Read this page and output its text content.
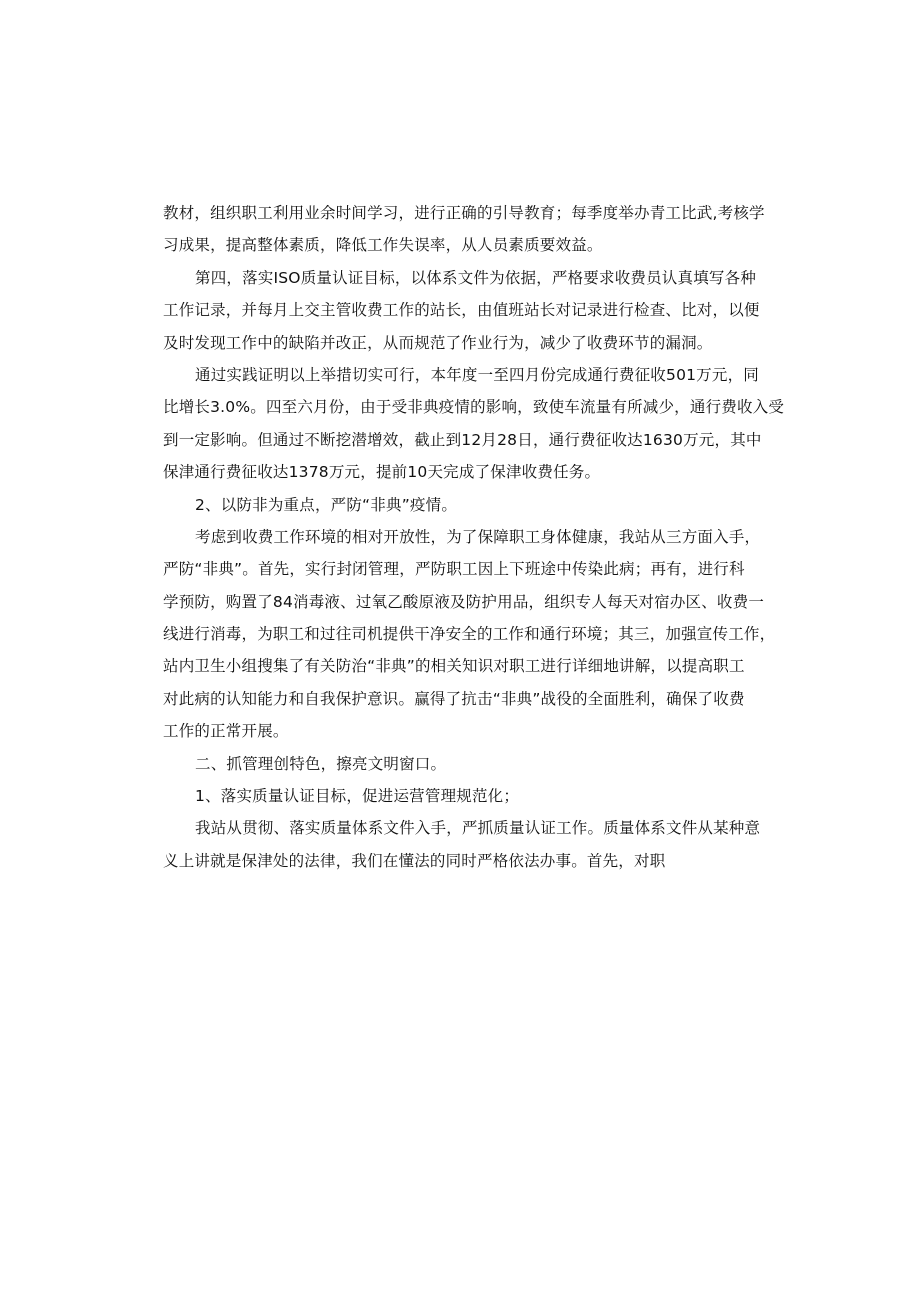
教材，组织职工利用业余时间学习，进行正确的引导教育；每季度举办青工比武,考核学
习成果，提高整体素质，降低工作失误率，从人员素质要效益。
第四，落实ISO质量认证目标，以体系文件为依据，严格要求收费员认真填写各种
工作记录，并每月上交主管收费工作的站长，由值班站长对记录进行检查、比对，以便
及时发现工作中的缺陷并改正，从而规范了作业行为，减少了收费环节的漏洞。
通过实践证明以上举措切实可行，本年度一至四月份完成通行费征收501万元，同
比增长3.0%。四至六月份，由于受非典疫情的影响，致使车流量有所减少，通行费收入受
到一定影响。但通过不断挖潜增效，截止到12月28日，通行费征收达1630万元，其中
保津通行费征收达1378万元，提前10天完成了保津收费任务。
2、以防非为重点，严防“非典”疫情。
考虑到收费工作环境的相对开放性，为了保障职工身体健康，我站从三方面入手，
严防“非典”。首先，实行封闭管理，严防职工因上下班途中传染此病；再有，进行科
学预防，购置了84消毒液、过氧乙酸原液及防护用品，组织专人每天对宿办区、收费一
线进行消毒，为职工和过往司机提供干净安全的工作和通行环境；其三，加强宣传工作，
站内卫生小组搜集了有关防治“非典”的相关知识对职工进行详细地讲解，以提高职工
对此病的认知能力和自我保护意识。赢得了抗击“非典”战役的全面胜利，确保了收费
工作的正常开展。
二、抓管理创特色，擦亮文明窗口。
1、落实质量认证目标，促进运营管理规范化；
我站从贯彻、落实质量体系文件入手，严抓质量认证工作。质量体系文件从某种意
义上讲就是保津处的法律，我们在懂法的同时严格依法办事。首先，对职
